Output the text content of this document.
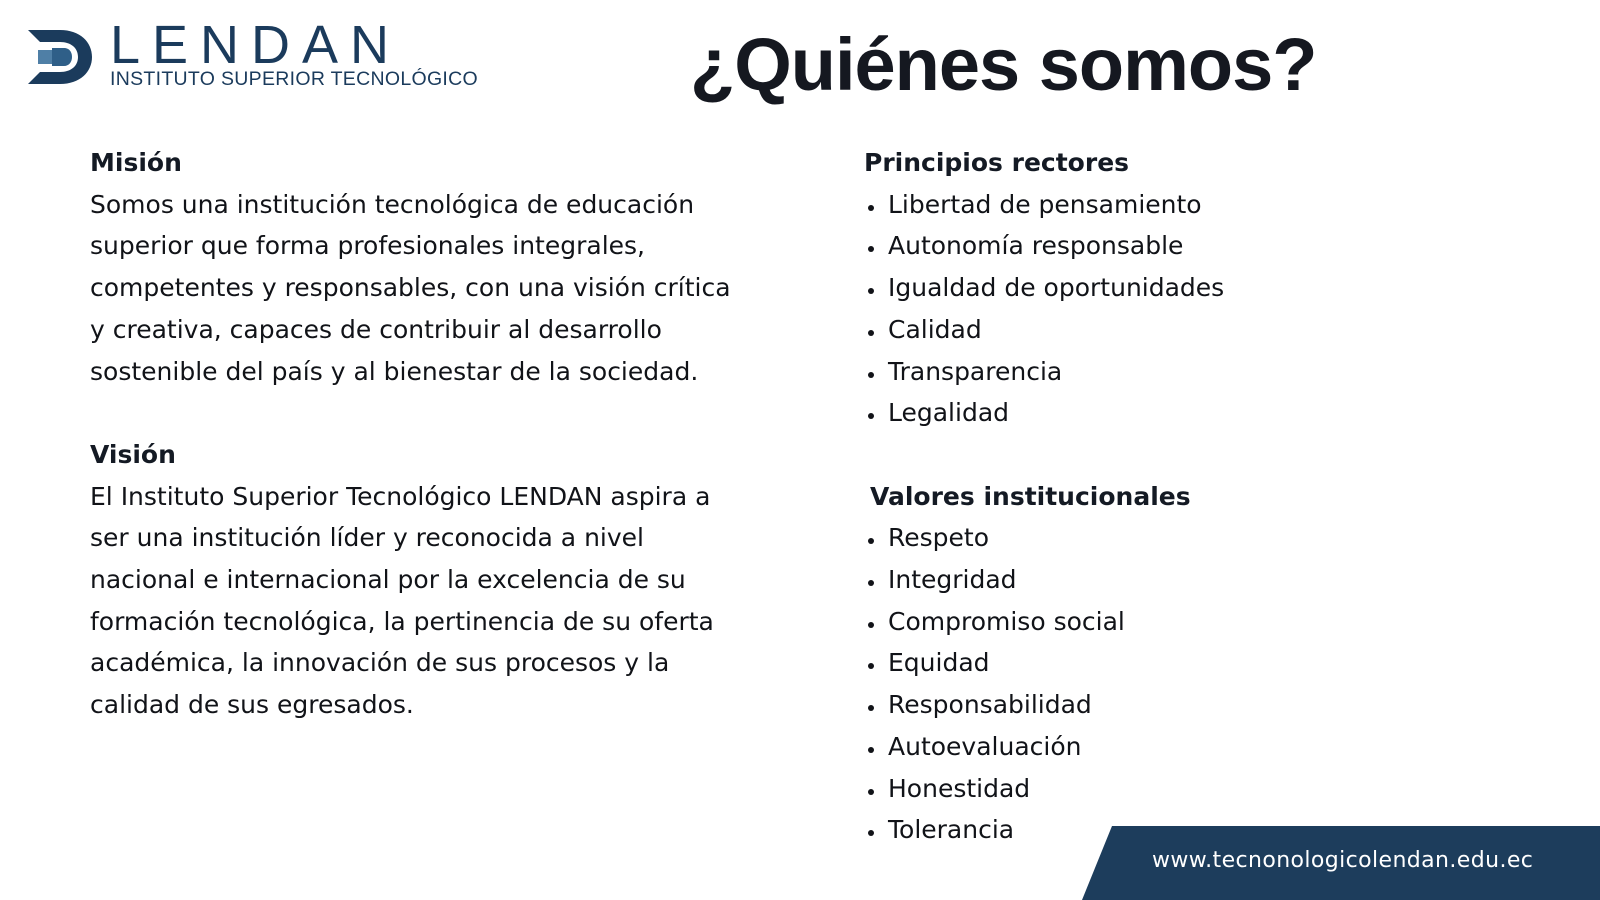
LENDAN
INSTITUTO SUPERIOR TECNOLÓGICO	¿Quiénes somos?
Misión

Somos una institución tecnológica de educación

superior que forma profesionales integrales,

competentes y responsables, con una visión crítica

y creativa, capaces de contribuir al desarrollo

sostenible del país y al bienestar de la sociedad.

Visión

El Instituto Superior Tecnológico LENDAN aspira a

ser una institución líder y reconocida a nivel

nacional e internacional por la excelencia de su

formación tecnológica, la pertinencia de su oferta

académica, la innovación de sus procesos y la

calidad de sus egresados.

Principios rectores
Libertad de pensamiento
Autonomía responsable
Igualdad de oportunidades
Calidad
Transparencia
Legalidad
Valores institucionales
Respeto
Integridad
Compromiso social
Equidad
Responsabilidad
Autoevaluación
Honestidad
Tolerancia
www.tecnonologicolendan.edu.ec
